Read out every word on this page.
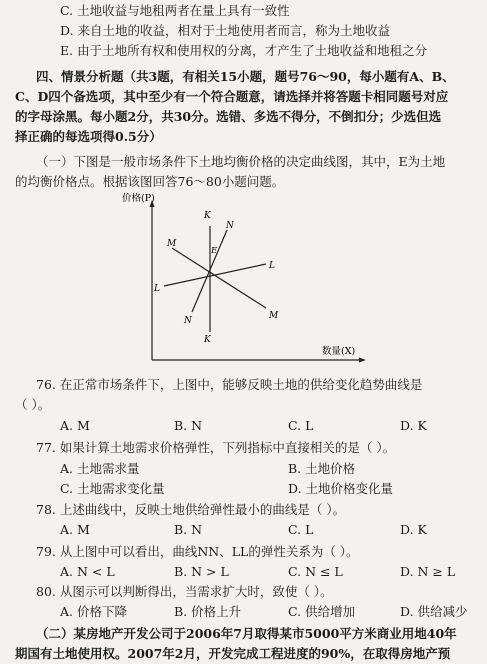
C. 土地收益与地租两者在量上具有一致性
D. 来自土地的收益，相对于土地使用者而言，称为土地收益
E. 由于土地所有权和使用权的分离，才产生了土地收益和地租之分
四、情景分析题（共3题，有相关15小题，题号76～90，每小题有A、B、
C、D四个备选项，其中至少有一个符合题意，请选择并将答题卡相同题号对应
的字母涂黑。每小题2分，共30分。选错、多选不得分，不倒扣分；少选但选
择正确的每选项得0.5分）
（一）下图是一般市场条件下土地均衡价格的决定曲线图，其中，E为土地
的均衡价格点。根据该图回答76～80小题问题。
价格(P)
数量(X)
K
N
M
E
L
L
N	M
K
76. 在正常市场条件下，上图中，能够反映土地的供给变化趋势曲线是
（ ）。
A. M	B. N	C. L	D. K
77. 如果计算土地需求价格弹性，下列指标中直接相关的是（ ）。
A. 土地需求量	B. 土地价格
C. 土地需求变化量	D. 土地价格变化量
78. 上述曲线中，反映土地供给弹性最小的曲线是（ ）。
A. M	B. N	C. L	D. K
79. 从上图中可以看出，曲线NN、LL的弹性关系为（ ）。
A. N < L	B. N > L	C. N ≤ L	D. N ≥ L
80. 从图示可以判断得出，当需求扩大时，致使（ ）。
A. 价格下降	B. 价格上升	C. 供给增加	D. 供给减少
（二）某房地产开发公司于2006年7月取得某市5000平方米商业用地40年
期国有土地使用权。2007年2月，开发完成工程进度的90%，在取得房地产预
